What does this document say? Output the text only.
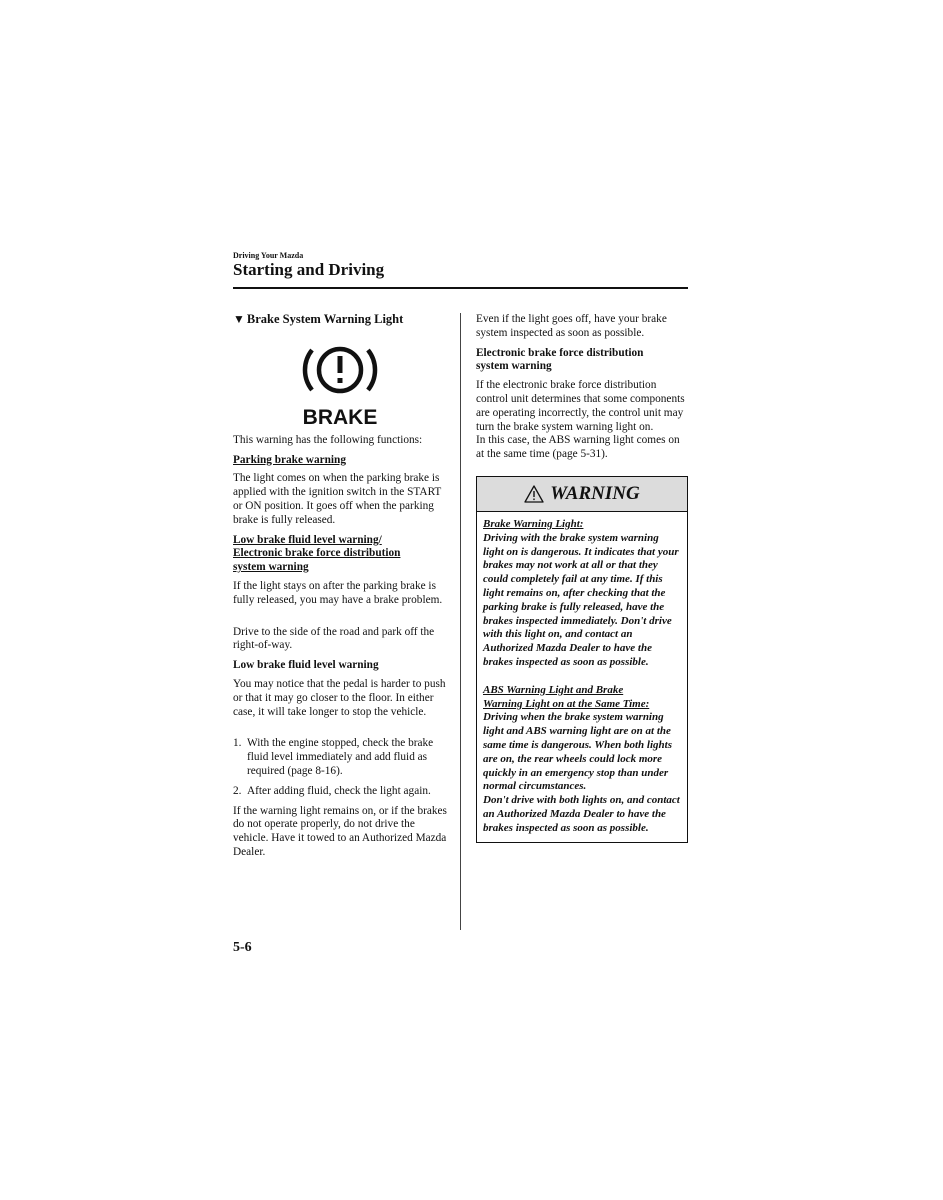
Driving Your Mazda
Starting and Driving
▼ Brake System Warning Light
BRAKE

This warning has the following functions:

Parking brake warning

The light comes on when the parking brake is applied with the ignition switch in the START or ON position. It goes off when the parking brake is fully released.

Low brake fluid level warning/
Electronic brake force distribution
system warning

If the light stays on after the parking brake is fully released, you may have a brake problem.

Drive to the side of the road and park off the right-of-way.

Low brake fluid level warning

You may notice that the pedal is harder to push or that it may go closer to the floor. In either case, it will take longer to stop the vehicle.

1. With the engine stopped, check the brake fluid level immediately and add fluid as required (page 8-16).
2. After adding fluid, check the light again.

If the warning light remains on, or if the brakes do not operate properly, do not drive the vehicle. Have it towed to an Authorized Mazda Dealer.

Even if the light goes off, have your brake system inspected as soon as possible.

Electronic brake force distribution
system warning
If the electronic brake force distribution control unit determines that some components are operating incorrectly, the control unit may turn the brake system warning light on.
In this case, the ABS warning light comes on at the same time (page 5-31).
WARNING
Brake Warning Light:
Driving with the brake system warning light on is dangerous. It indicates that your brakes may not work at all or that they could completely fail at any time. If this light remains on, after checking that the parking brake is fully released, have the brakes inspected immediately. Don't drive with this light on, and contact an Authorized Mazda Dealer to have the brakes inspected as soon as possible.
ABS Warning Light and Brake
Warning Light on at the Same Time:
Driving when the brake system warning light and ABS warning light are on at the same time is dangerous. When both lights are on, the rear wheels could lock more quickly in an emergency stop than under normal circumstances.
Don't drive with both lights on, and contact an Authorized Mazda Dealer to have the brakes inspected as soon as possible.
5-6
